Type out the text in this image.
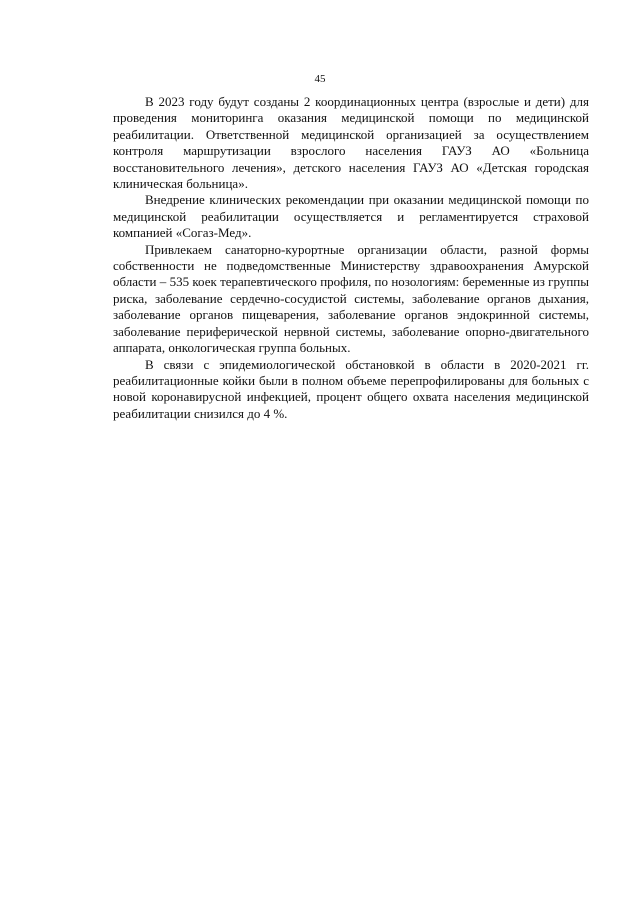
45

В 2023 году будут созданы 2 координационных центра (взрослые и дети) для проведения мониторинга оказания медицинской помощи по медицинской реабилитации. Ответственной медицинской организацией за осуществлением контроля маршрутизации взрослого населения ГАУЗ АО «Больница восстановительного лечения», детского населения ГАУЗ АО «Детская городская клиническая больница».

Внедрение клинических рекомендации при оказании медицинской помощи по медицинской реабилитации осуществляется и регламентируется страховой компанией «Согаз-Мед».

Привлекаем санаторно-курортные организации области, разной формы собственности не подведомственные Министерству здравоохранения Амурской области – 535 коек терапевтического профиля, по нозологиям: беременные из группы риска, заболевание сердечно-сосудистой системы, заболевание органов дыхания, заболевание органов пищеварения, заболевание органов эндокринной системы, заболевание периферической нервной системы, заболевание опорно-двигательного аппарата, онкологическая группа больных.

В связи с эпидемиологической обстановкой в области в 2020-2021 гг. реабилитационные койки были в полном объеме перепрофилированы для больных с новой коронавирусной инфекцией, процент общего охвата населения медицинской реабилитации снизился до 4 %.
